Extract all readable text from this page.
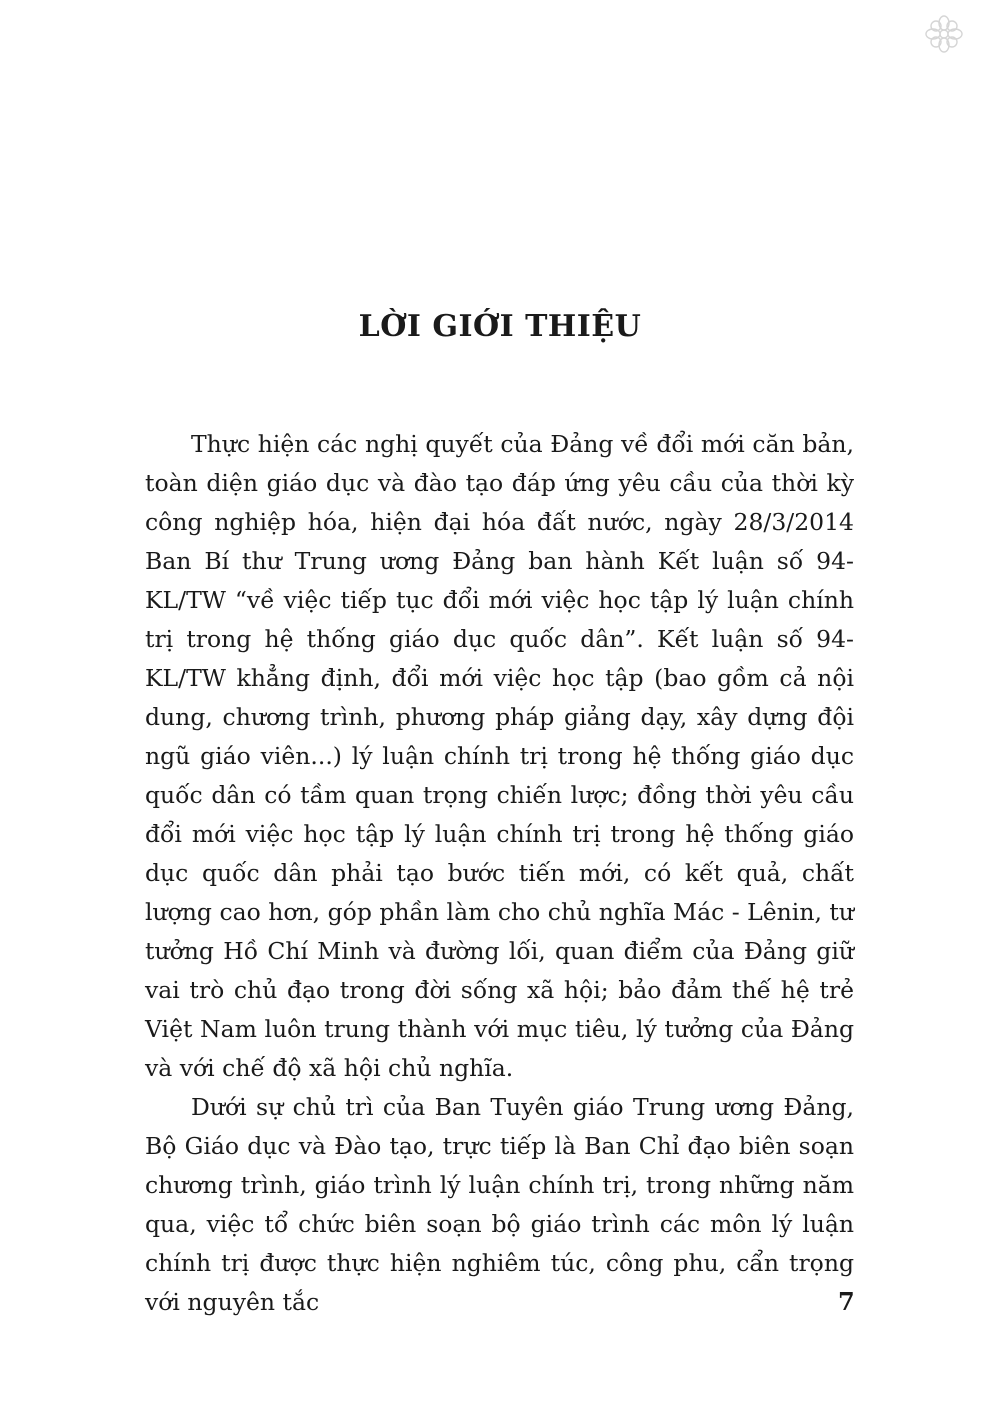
LỜI GIỚI THIỆU

Thực hiện các nghị quyết của Đảng về đổi mới căn bản, toàn diện giáo dục và đào tạo đáp ứng yêu cầu của thời kỳ công nghiệp hóa, hiện đại hóa đất nước, ngày 28/3/2014 Ban Bí thư Trung ương Đảng ban hành Kết luận số 94-KL/TW “về việc tiếp tục đổi mới việc học tập lý luận chính trị trong hệ thống giáo dục quốc dân”. Kết luận số 94-KL/TW khẳng định, đổi mới việc học tập (bao gồm cả nội dung, chương trình, phương pháp giảng dạy, xây dựng đội ngũ giáo viên...) lý luận chính trị trong hệ thống giáo dục quốc dân có tầm quan trọng chiến lược; đồng thời yêu cầu đổi mới việc học tập lý luận chính trị trong hệ thống giáo dục quốc dân phải tạo bước tiến mới, có kết quả, chất lượng cao hơn, góp phần làm cho chủ nghĩa Mác - Lênin, tư tưởng Hồ Chí Minh và đường lối, quan điểm của Đảng giữ vai trò chủ đạo trong đời sống xã hội; bảo đảm thế hệ trẻ Việt Nam luôn trung thành với mục tiêu, lý tưởng của Đảng và với chế độ xã hội chủ nghĩa.

Dưới sự chủ trì của Ban Tuyên giáo Trung ương Đảng, Bộ Giáo dục và Đào tạo, trực tiếp là Ban Chỉ đạo biên soạn chương trình, giáo trình lý luận chính trị, trong những năm qua, việc tổ chức biên soạn bộ giáo trình các môn lý luận chính trị được thực hiện nghiêm túc, công phu, cẩn trọng với nguyên tắc	7
